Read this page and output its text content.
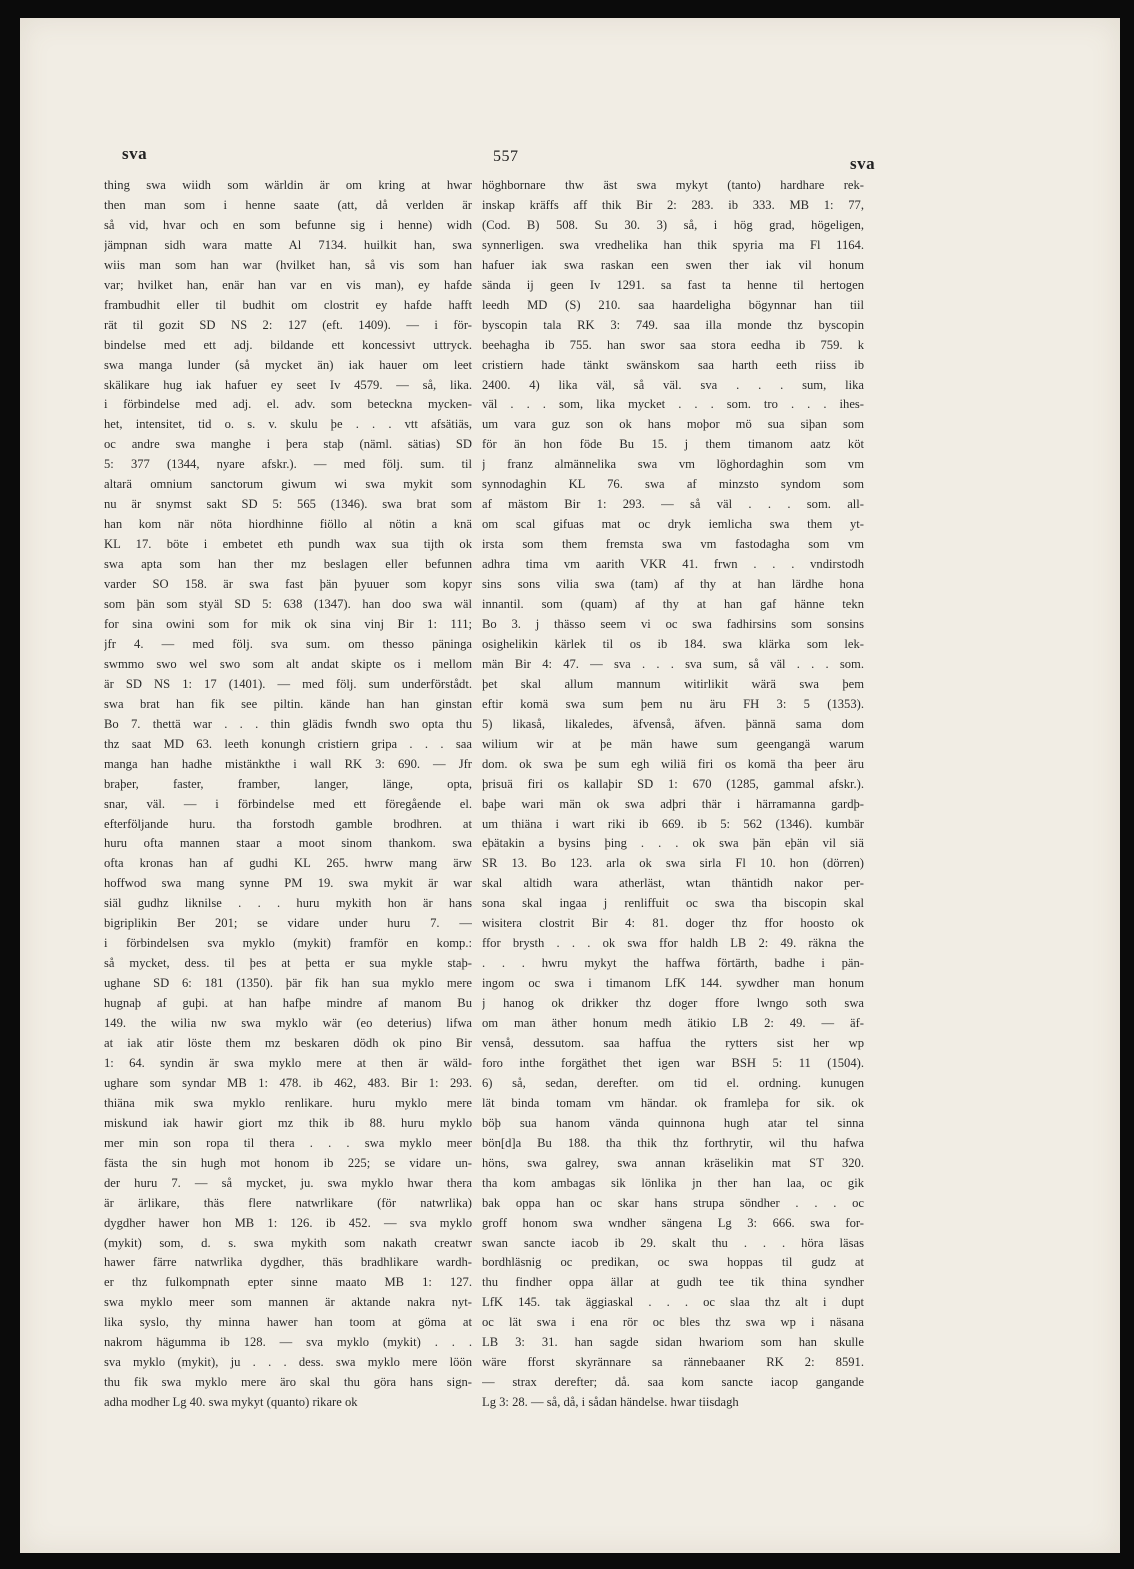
sva	557	sva
thing swa wiidh som wärldin är om kring at hwar
then man som i henne saate (att, då verlden är
så vid, hvar och en som befunne sig i henne) widh
jämpnan sidh wara matte Al 7134. huilkit han, swa
wiis man som han war (hvilket han, så vis som han
var; hvilket han, enär han var en vis man), ey hafde
frambudhit eller til budhit om clostrit ey hafde hafft
rät til gozit SD NS 2: 127 (eft. 1409). — i för-
bindelse med ett adj. bildande ett koncessivt uttryck.
swa manga lunder (så mycket än) iak hauer om leet
skälikare hug iak hafuer ey seet Iv 4579. — så, lika.
i förbindelse med adj. el. adv. som betecknа mycken-
het, intensitet, tid o. s. v. skulu þe . . . vtt afsätiäs,
oc andre swa manghe i þera staþ (näml. sätias) SD
5: 377 (1344, nyare afskr.). — med följ. sum. til
altarä omnium sanctorum giwum wi swa mykit som
nu är snymst sakt SD 5: 565 (1346). swa brat som
han kom när nöta hiordhinne fiöllo al nötin a knä
KL 17. böte i embetet eth pundh wax sua tijth ok
swa apta som han ther mz beslagen eller befunnen
varder SO 158. är swa fast þän þyuuer som kopyr
som þän som styäl SD 5: 638 (1347). han doo swa wäl
for sina owini som for mik ok sina vinj Bir 1: 111;
jfr 4. — med följ. sva sum. om thesso päninga
swmmo swo wel swo som alt andat skipte os i mellom
är SD NS 1: 17 (1401). — med följ. sum underförstådt.
swa brat han fik see piltin. kände han han ginstan
Bo 7. thettä war . . . thin glädis fwndh swo opta thu
thz saat MD 63. leeth konungh cristiern gripa . . . saa
manga han hadhe mistänkthe i wall RK 3: 690. — Jfr
braþer, faster, framber, langer, länge, opta,
snar, väl. — i förbindelse med ett föregående el.
efterföljande huru. tha forstodh gamble brodhren. at
huru ofta mannen staar a moot sinom thankom. swa
ofta kronas han af gudhi KL 265. hwrw mang ärw
hoffwod swa mang synne PM 19. swa mykit är war
siäl gudhz liknilse . . . huru mykith hon är hans
bigriplikin Ber 201; se vidare under huru 7. —
i förbindelsen sva myklo (mykit) framför en komp.:
så mycket, dess. til þes at þetta er sua mykle staþ-
ughane SD 6: 181 (1350). þär fik han sua myklo mere
hugnaþ af guþi. at han hafþe mindre af manom Bu
149. the wilia nw swa myklo wär (eo deterius) lifwa
at iak atir löste them mz beskaren dödh ok pino Bir
1: 64. syndin är swa myklo mere at then är wäld-
ugharе som syndar MB 1: 478. ib 462, 483. Bir 1: 293.
thiäna mik swa myklo renlikare. huru myklo mere
miskund iak hawir giort mz thik ib 88. huru myklo
mer min son ropa til thera . . . swa myklo meer
fästa the sin hugh mot honom ib 225; se vidare un-
der huru 7. — så mycket, ju. swa myklo hwar thera
är ärlikare, thäs flere natwrlikare (för natwrlika)
dygdher hawer hon MB 1: 126. ib 452. — sva myklo
(mykit) som, d. s. swa mykith som nakath creatwr
hawer färre natwrlika dygdher, thäs bradhlikare wardh-
er thz fulkompnath epter sinne maato MB 1: 127.
swa myklo meer som mannen är aktande nakra nyt-
lika syslo, thy minna hawer han toom at göma at
nakrom hägumma ib 128. — sva myklo (mykit) . . .
sva myklo (mykit), ju . . . dess. swa myklo mere löön
thu fik swa myklo mere äro skal thu göra hans sign-
adha modher Lg 40. swa mykyt (quanto) rikare ok
höghbornare thw äst swa mykyt (tanto) hardhare rek-
inskap kräffs aff thik Bir 2: 283. ib 333. MB 1: 77,
(Cod. B) 508. Su 30. 3) så, i hög grad, högeligen,
synnerligen. swa vredhelika han thik spyria ma Fl 1164.
hafuer iak swa raskan een swen ther iak vil honum
sända ij geen Iv 1291. sa fast ta henne til hertogen
leedh MD (S) 210. saa haardeligha bögynnar han tiil
byscopin tala RK 3: 749. saa illa monde thz byscopin
beehagha ib 755. han swor saa stora eedha ib 759. k
cristiern hade tänkt swänskom saa harth eeth riiss ib
2400. 4) lika väl, så väl. sva . . . sum, lika
väl . . . som, lika mycket . . . som. tro . . . ihes-
um vara guz son ok hans moþor mö sua siþan som
för än hon föde Bu 15. j them timanom aatz köt
j franz almännelika swa vm löghordaghin som vm
synnodaghin KL 76. swa af minzsto syndom som
af mästom Bir 1: 293. — så väl . . . som. all-
om scal gifuas mat oc dryk iemlicha swa them yt-
irsta som them fremsta swa vm fastodagha som vm
adhra tima vm aarith VKR 41. frwn . . . vndirstodh
sins sons vilia swa (tam) af thy at han lärdhe hona
innantil. som (quam) af thy at han gaf hänne tekn
Bo 3. j thässo seem vi oc swa fadhirsins som sonsins
osighelikin kärlek til os ib 184. swa klärka som lek-
män Bir 4: 47. — sva . . . sva sum, så väl . . . som.
þet skal allum mannum witirlikit wärä swa þem
eftir komä swa sum þem nu äru FH 3: 5 (1353).
5) likaså, likaledes, äfvenså, äfven. þännä sama dom
wilium wir at þe män hawe sum geengangä warum
dom. ok swa þe sum egh wiliä firi os komä tha þeer äru
þrisuä firi os kallaþir SD 1: 670 (1285, gammal afskr.).
baþe wari män ok swa adþri thär i härramanna gardþ-
um thiäna i wart riki ib 669. ib 5: 562 (1346). kumbär
eþätakin a bysins þing . . . ok swa þän eþän vil siä
SR 13. Bo 123. arla ok swa sirla Fl 10. hon (dörren)
skal altidh wara atherläst, wtan thäntidh nakor per-
sona skal ingaa j renliffuit oc swa tha biscopin skal
wisitera clostrit Bir 4: 81. doger thz ffor hoosto ok
ffor brysth . . . ok swa ffor haldh LB 2: 49. räkna the
. . . hwru mykyt the haffwa förtärth, badhe i pän-
ingom oc swa i timanom LfK 144. sywdher man honum
j hanog ok drikker thz doger ffore lwngo soth swa
om man äther honum medh ätikio LB 2: 49. — äf-
venså, dessutom. saa haffua the rytters sist her wp
foro inthe forgäthet thet igen war BSH 5: 11 (1504).
6) så, sedan, derefter. om tid el. ordning. kunugen
lät binda tomam vm händar. ok framleþa for sik. ok
böþ sua hanom vända quinnona hugh atar tel sinna
bön[d]a Bu 188. tha thik thz forthrytir, wil thu hafwa
höns, swa galrey, swa annan kräselikin mat ST 320.
tha kom ambagas sik lönlika jn ther han laa, oc gik
bak oppa han oc skar hans strupa söndher . . . oc
groff honom swa wndher sängena Lg 3: 666. swa for-
swan sancte iacob ib 29. skalt thu . . . höra läsas
bordhläsnig oc predikan, oc swa hoppas til gudz at
thu findher oppa ällar at gudh tee tik thina syndher
LfK 145. tak äggiaskal . . . oc slaa thz alt i dupt
oc lät swa i ena rör oc bles thz swa wp i näsana
LB 3: 31. han sagde sidan hwariom som han skulle
wäre fforst skyrännare sa rännebaaner RK 2: 8591.
— strax derefter; då. saa kom sancte iacop gangande
Lg 3: 28. — så, då, i sådan händelse. hwar tiisdagh
